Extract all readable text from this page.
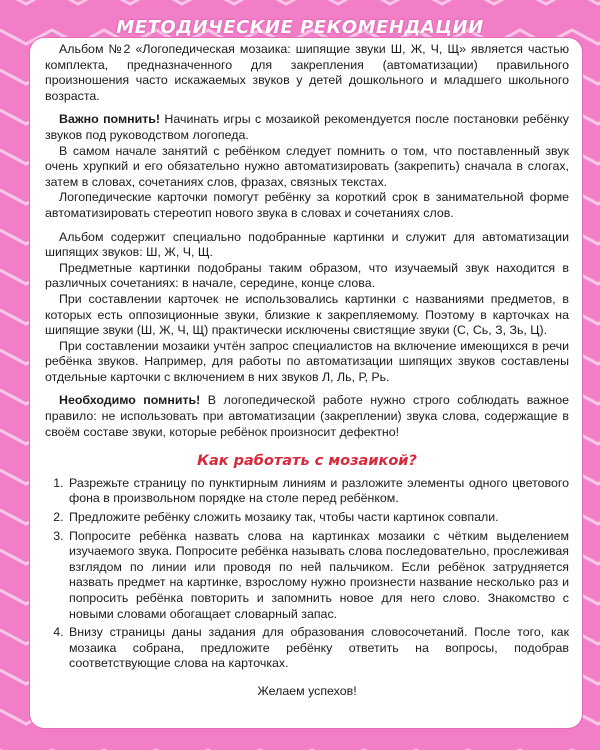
МЕТОДИЧЕСКИЕ РЕКОМЕНДАЦИИ

Альбом №2 «Логопедическая мозаика: шипящие звуки Ш, Ж, Ч, Щ» является частью комплекта, предназначенного для закрепления (автоматизации) правильного произношения часто искажаемых звуков у детей дошкольного и младшего школьного возраста.

Важно помнить! Начинать игры с мозаикой рекомендуется после постановки ребёнку звуков под руководством логопеда.

В самом начале занятий с ребёнком следует помнить о том, что поставленный звук очень хрупкий и его обязательно нужно автоматизировать (закрепить) сначала в слогах, затем в словах, сочетаниях слов, фразах, связных текстах.

Логопедические карточки помогут ребёнку за короткий срок в занимательной форме автоматизировать стереотип нового звука в словах и сочетаниях слов.

Альбом содержит специально подобранные картинки и служит для автоматизации шипящих звуков: Ш, Ж, Ч, Щ.

Предметные картинки подобраны таким образом, что изучаемый звук находится в различных сочетаниях: в начале, середине, конце слова.

При составлении карточек не использовались картинки с названиями предметов, в которых есть оппозиционные звуки, близкие к закрепляемому. Поэтому в карточках на шипящие звуки (Ш, Ж, Ч, Щ) практически исключены свистящие звуки (С, Сь, З, Зь, Ц).

При составлении мозаики учтён запрос специалистов на включение имеющихся в речи ребёнка звуков. Например, для работы по автоматизации шипящих звуков составлены отдельные карточки с включением в них звуков Л, Ль, Р, Рь.

Необходимо помнить! В логопедической работе нужно строго соблюдать важное правило: не использовать при автоматизации (закреплении) звука слова, содержащие в своём составе звуки, которые ребёнок произносит дефектно!

Как работать с мозаикой?
1. Разрежьте страницу по пунктирным линиям и разложите элементы одного цветового фона в произвольном порядке на столе перед ребёнком.
2. Предложите ребёнку сложить мозаику так, чтобы части картинок совпали.
3. Попросите ребёнка назвать слова на картинках мозаики с чётким выделением изучаемого звука. Попросите ребёнка называть слова последовательно, прослеживая взглядом по линии или проводя по ней пальчиком. Если ребёнок затрудняется назвать предмет на картинке, взрослому нужно произнести название несколько раз и попросить ребёнка повторить и запомнить новое для него слово. Знакомство с новыми словами обогащает словарный запас.
4. Внизу страницы даны задания для образования словосочетаний. После того, как мозаика собрана, предложите ребёнку ответить на вопросы, подобрав соответствующие слова на карточках.
Желаем успехов!
